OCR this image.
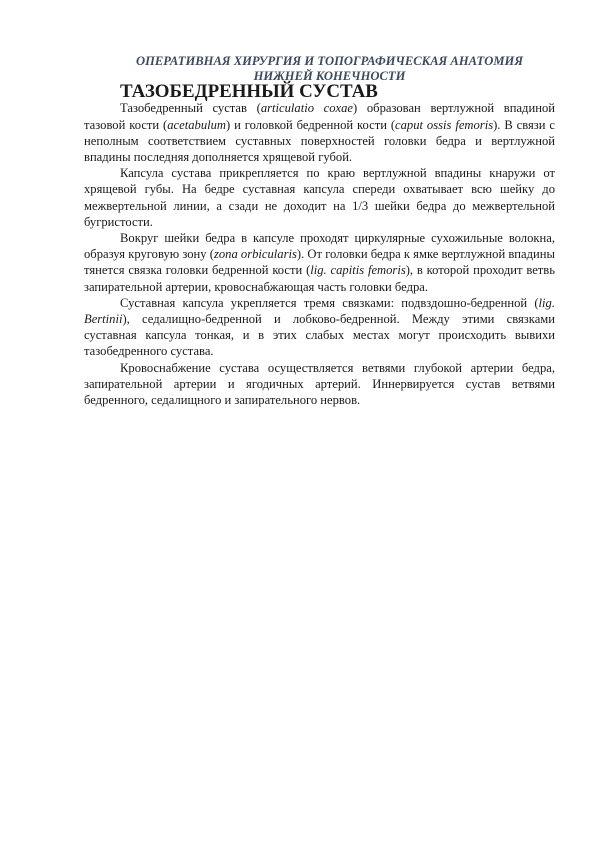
ОПЕРАТИВНАЯ ХИРУРГИЯ И ТОПОГРАФИЧЕСКАЯ АНАТОМИЯ
НИЖНЕЙ КОНЕЧНОСТИ
ТАЗОБЕДРЕННЫЙ СУСТАВ

Тазобедренный сустав (articulatio coxae) образован вертлужной впадиной тазовой кости (acetabulum) и головкой бедренной кости (caput ossis femoris). В связи с неполным соответствием суставных поверхностей головки бедра и вертлужной впадины последняя дополняется хрящевой губой.

Капсула сустава прикрепляется по краю вертлужной впадины кнаружи от хрящевой губы. На бедре суставная капсула спереди охватывает всю шейку до межвертельной линии, а сзади не доходит на 1/3 шейки бедра до межвертельной бугристости.

Вокруг шейки бедра в капсуле проходят циркулярные сухожильные волокна, образуя круговую зону (zona orbicularis). От головки бедра к ямке вертлужной впадины тянется связка головки бедренной кости (lig. capitis femoris), в которой проходит ветвь запирательной артерии, кровоснабжающая часть головки бедра.

Суставная капсула укрепляется тремя связками: подвздошно-бедренной (lig. Bertinii), седалищно-бедренной и лобково-бедренной. Между этими связками суставная капсула тонкая, и в этих слабых местах могут происходить вывихи тазобедренного сустава.

Кровоснабжение сустава осуществляется ветвями глубокой артерии бедра, запирательной артерии и ягодичных артерий. Иннервируется сустав ветвями бедренного, седалищного и запирательного нервов.
